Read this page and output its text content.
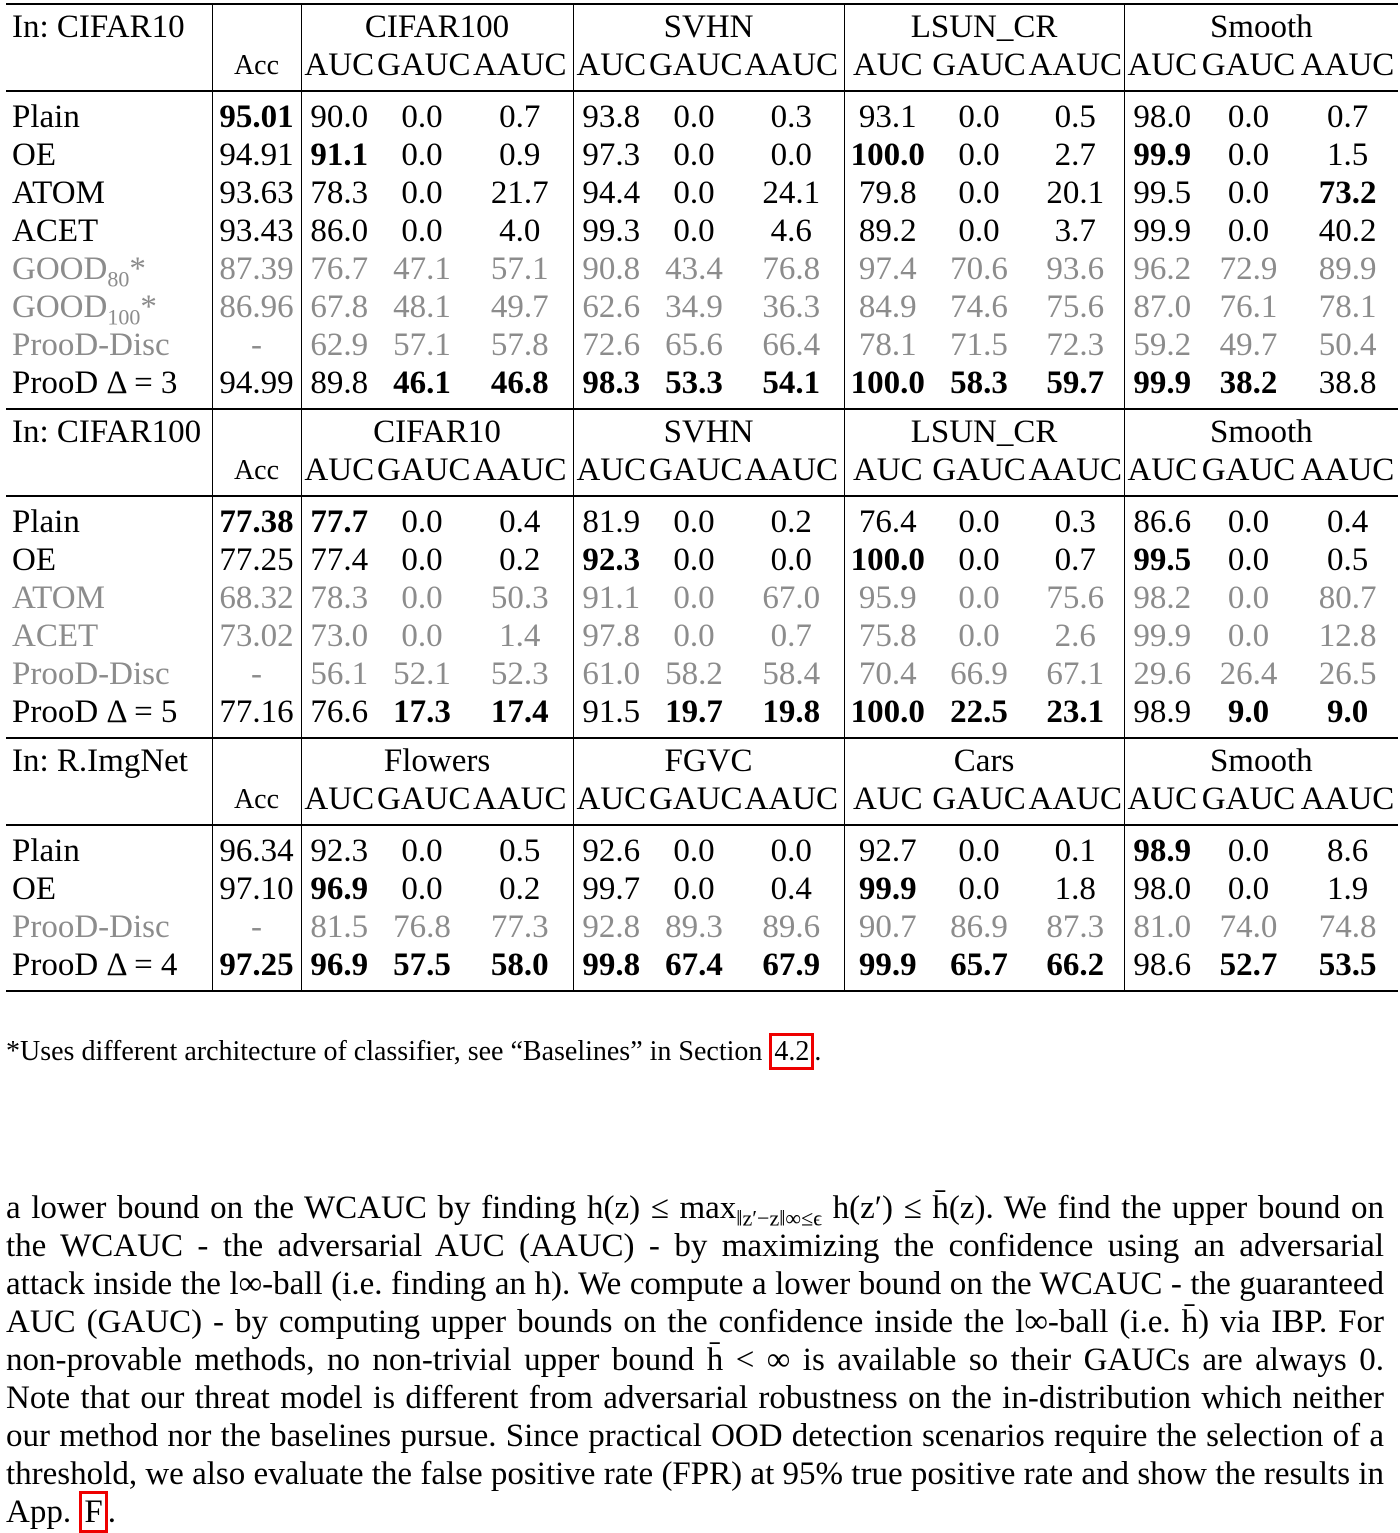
In: CIFAR10		CIFAR100			SVHN			LSUN_CR			Smooth		
	Acc	AUC	GAUC	AAUC	AUC	GAUC	AAUC	AUC	GAUC	AAUC	AUC	GAUC	AAUC
Plain	95.01	90.0	0.0	0.7	93.8	0.0	0.3	93.1	0.0	0.5	98.0	0.0	0.7
OE	94.91	91.1	0.0	0.9	97.3	0.0	0.0	100.0	0.0	2.7	99.9	0.0	1.5
ATOM	93.63	78.3	0.0	21.7	94.4	0.0	24.1	79.8	0.0	20.1	99.5	0.0	73.2
ACET	93.43	86.0	0.0	4.0	99.3	0.0	4.6	89.2	0.0	3.7	99.9	0.0	40.2
$GOOD_{80}*$	87.39	76.7	47.1	57.1	90.8	43.4	76.8	97.4	70.6	93.6	96.2	72.9	89.9
$GOOD_{100}*$	86.96	67.8	48.1	49.7	62.6	34.9	36.3	84.9	74.6	75.6	87.0	76.1	78.1
ProoD-Disc	-	62.9	57.1	57.8	72.6	65.6	66.4	78.1	71.5	72.3	59.2	49.7	50.4
ProoD Δ = 3	94.99	89.8	46.1	46.8	98.3	53.3	54.1	100.0	58.3	59.7	99.9	38.2	38.8
In: CIFAR100		CIFAR10			SVHN			LSUN_CR			Smooth		
	Acc	AUC	GAUC	AAUC	AUC	GAUC	AAUC	AUC	GAUC	AAUC	AUC	GAUC	AAUC
Plain	77.38	77.7	0.0	0.4	81.9	0.0	0.2	76.4	0.0	0.3	86.6	0.0	0.4
OE	77.25	77.4	0.0	0.2	92.3	0.0	0.0	100.0	0.0	0.7	99.5	0.0	0.5
ATOM	68.32	78.3	0.0	50.3	91.1	0.0	67.0	95.9	0.0	75.6	98.2	0.0	80.7
ACET	73.02	73.0	0.0	1.4	97.8	0.0	0.7	75.8	0.0	2.6	99.9	0.0	12.8
ProoD-Disc	-	56.1	52.1	52.3	61.0	58.2	58.4	70.4	66.9	67.1	29.6	26.4	26.5
ProoD Δ = 5	77.16	76.6	17.3	17.4	91.5	19.7	19.8	100.0	22.5	23.1	98.9	9.0	9.0
In: R.ImgNet		Flowers			FGVC			Cars			Smooth		
	Acc	AUC	GAUC	AAUC	AUC	GAUC	AAUC	AUC	GAUC	AAUC	AUC	GAUC	AAUC
Plain	96.34	92.3	0.0	0.5	92.6	0.0	0.0	92.7	0.0	0.1	98.9	0.0	8.6
OE	97.10	96.9	0.0	0.2	99.7	0.0	0.4	99.9	0.0	1.8	98.0	0.0	1.9
ProoD-Disc	-	81.5	76.8	77.3	92.8	89.3	89.6	90.7	86.9	87.3	81.0	74.0	74.8
ProoD Δ = 4	97.25	96.9	57.5	58.0	99.8	67.4	67.9	99.9	65.7	66.2	98.6	52.7	53.5
*Uses different architecture of classifier, see “Baselines” in Section 4.2 .

a lower bound on the WCAUC by finding $h(z) \le \max_{‖z'-z‖\infty\le\epsilon} h(z')$ ≤ h̄(z). We find the upper bound on the WCAUC - the adversarial AUC (AAUC) - by maximizing the confidence using an adversarial attack inside the l∞-ball (i.e. finding an h). We compute a lower bound on the WCAUC - the guaranteed AUC (GAUC) - by computing upper bounds on the confidence inside the l∞-ball (i.e. h̄) via IBP. For non-provable methods, no non-trivial upper bound h̄ < ∞ is available so their GAUCs are always 0. Note that our threat model is different from adversarial robustness on the in-distribution which neither our method nor the baselines pursue. Since practical OOD detection scenarios require the selection of a threshold, we also evaluate the false positive rate (FPR) at 95% true positive rate and show the results in App. F .
